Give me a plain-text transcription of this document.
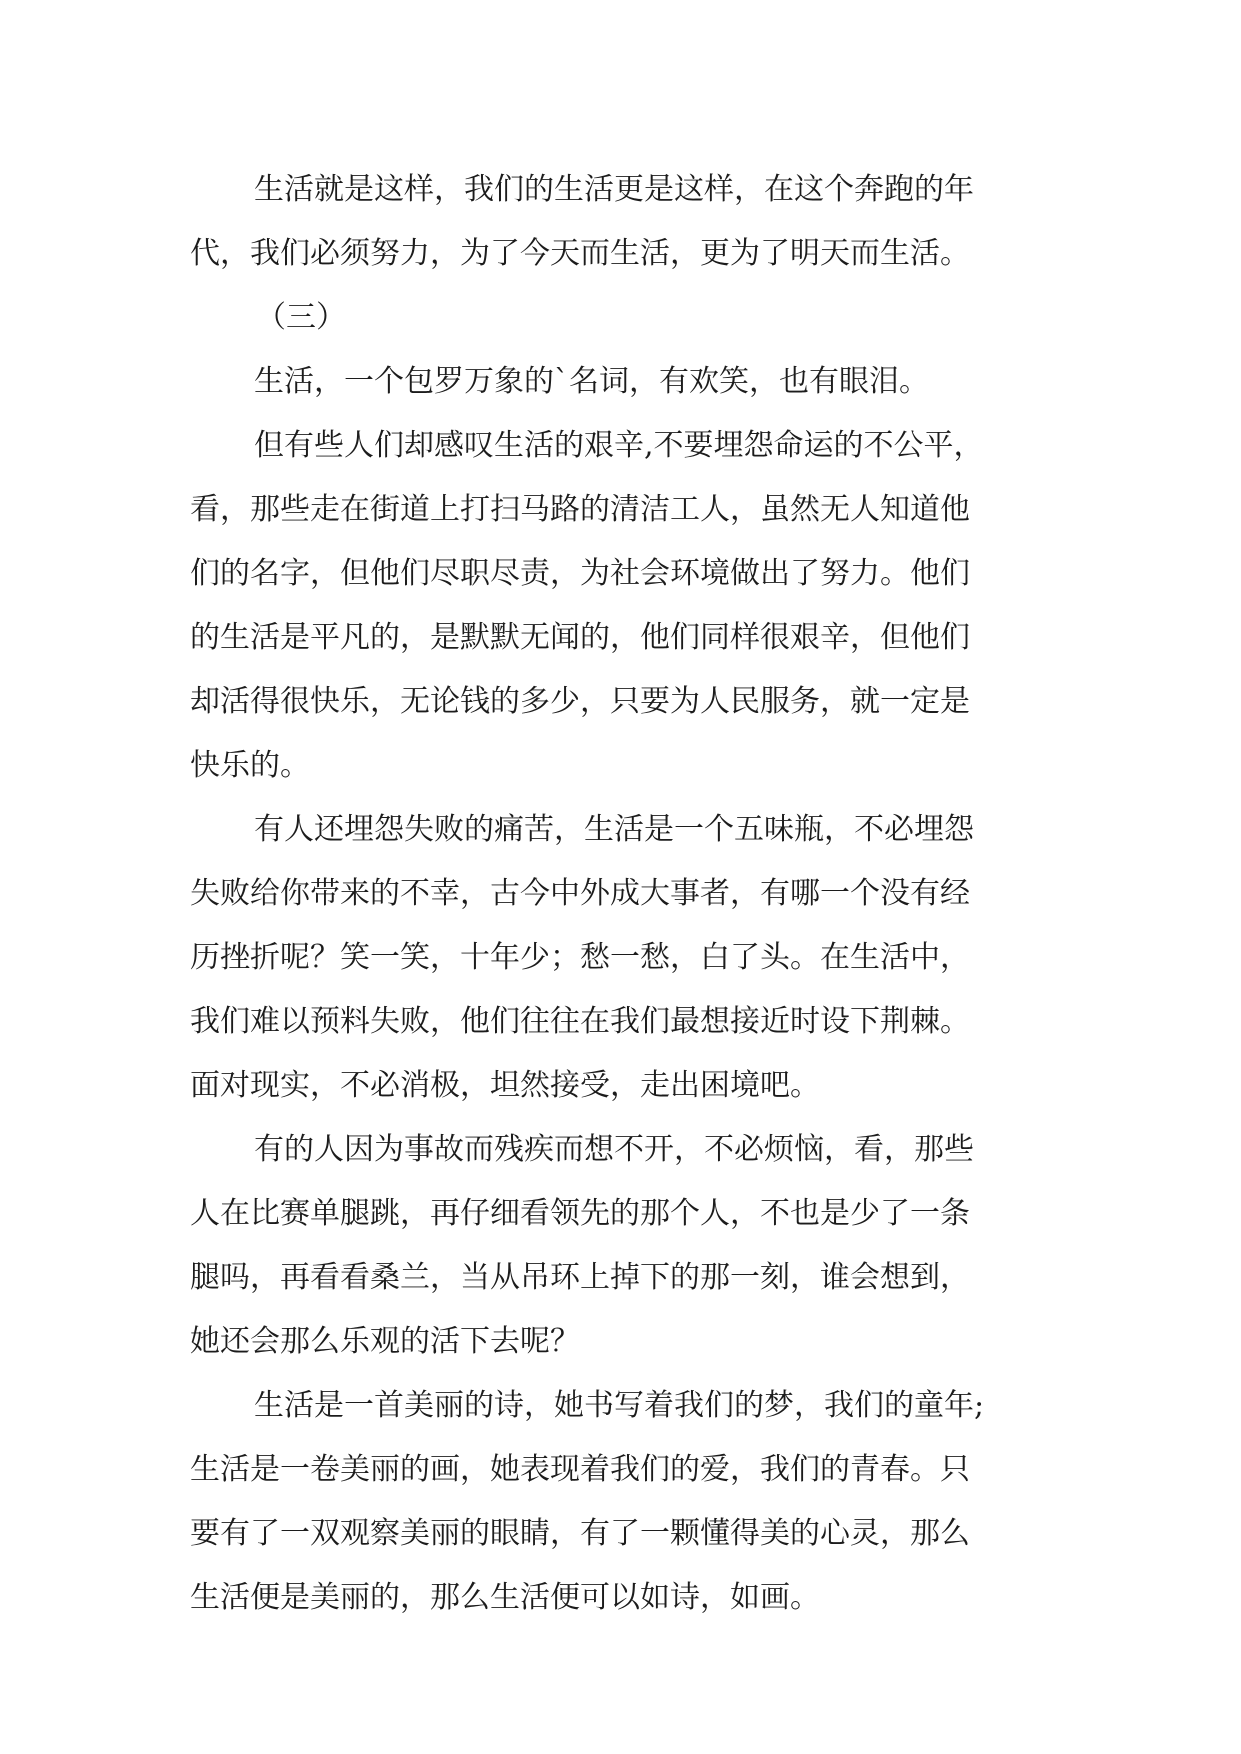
生活就是这样，我们的生活更是这样，在这个奔跑的年
代，我们必须努力，为了今天而生活，更为了明天而生活。

（三）

生活，一个包罗万象的`名词，有欢笑，也有眼泪。

但有些人们却感叹生活的艰辛,不要埋怨命运的不公平，
看，那些走在街道上打扫马路的清洁工人，虽然无人知道他
们的名字，但他们尽职尽责，为社会环境做出了努力。他们
的生活是平凡的，是默默无闻的，他们同样很艰辛，但他们
却活得很快乐，无论钱的多少，只要为人民服务，就一定是
快乐的。

有人还埋怨失败的痛苦，生活是一个五味瓶，不必埋怨
失败给你带来的不幸，古今中外成大事者，有哪一个没有经
历挫折呢？笑一笑，十年少；愁一愁，白了头。在生活中，
我们难以预料失败，他们往往在我们最想接近时设下荆棘。
面对现实，不必消极，坦然接受，走出困境吧。

有的人因为事故而残疾而想不开，不必烦恼，看，那些
人在比赛单腿跳，再仔细看领先的那个人，不也是少了一条
腿吗，再看看桑兰，当从吊环上掉下的那一刻，谁会想到，
她还会那么乐观的活下去呢？

生活是一首美丽的诗，她书写着我们的梦，我们的童年;
生活是一卷美丽的画，她表现着我们的爱，我们的青春。只
要有了一双观察美丽的眼睛，有了一颗懂得美的心灵，那么
生活便是美丽的，那么生活便可以如诗，如画。
